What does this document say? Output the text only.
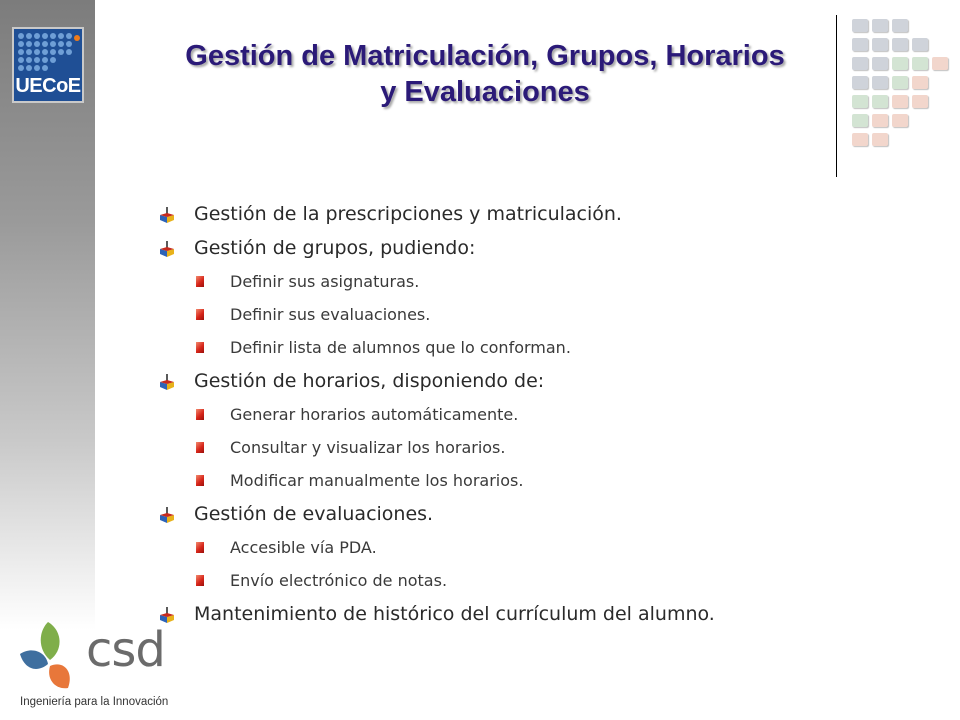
UECoE
Gestión de Matriculación, Grupos, Horarios
y Evaluaciones
Gestión de la prescripciones y matriculación.
Gestión de grupos, pudiendo:
Definir sus asignaturas.
Definir sus evaluaciones.
Definir lista de alumnos que lo conforman.
Gestión de horarios, disponiendo de:
Generar horarios automáticamente.
Consultar y visualizar los horarios.
Modificar manualmente los horarios.
Gestión de evaluaciones.
Accesible vía PDA.
Envío electrónico de notas.
Mantenimiento de histórico del currículum del alumno.
csd
Ingeniería para la Innovación
